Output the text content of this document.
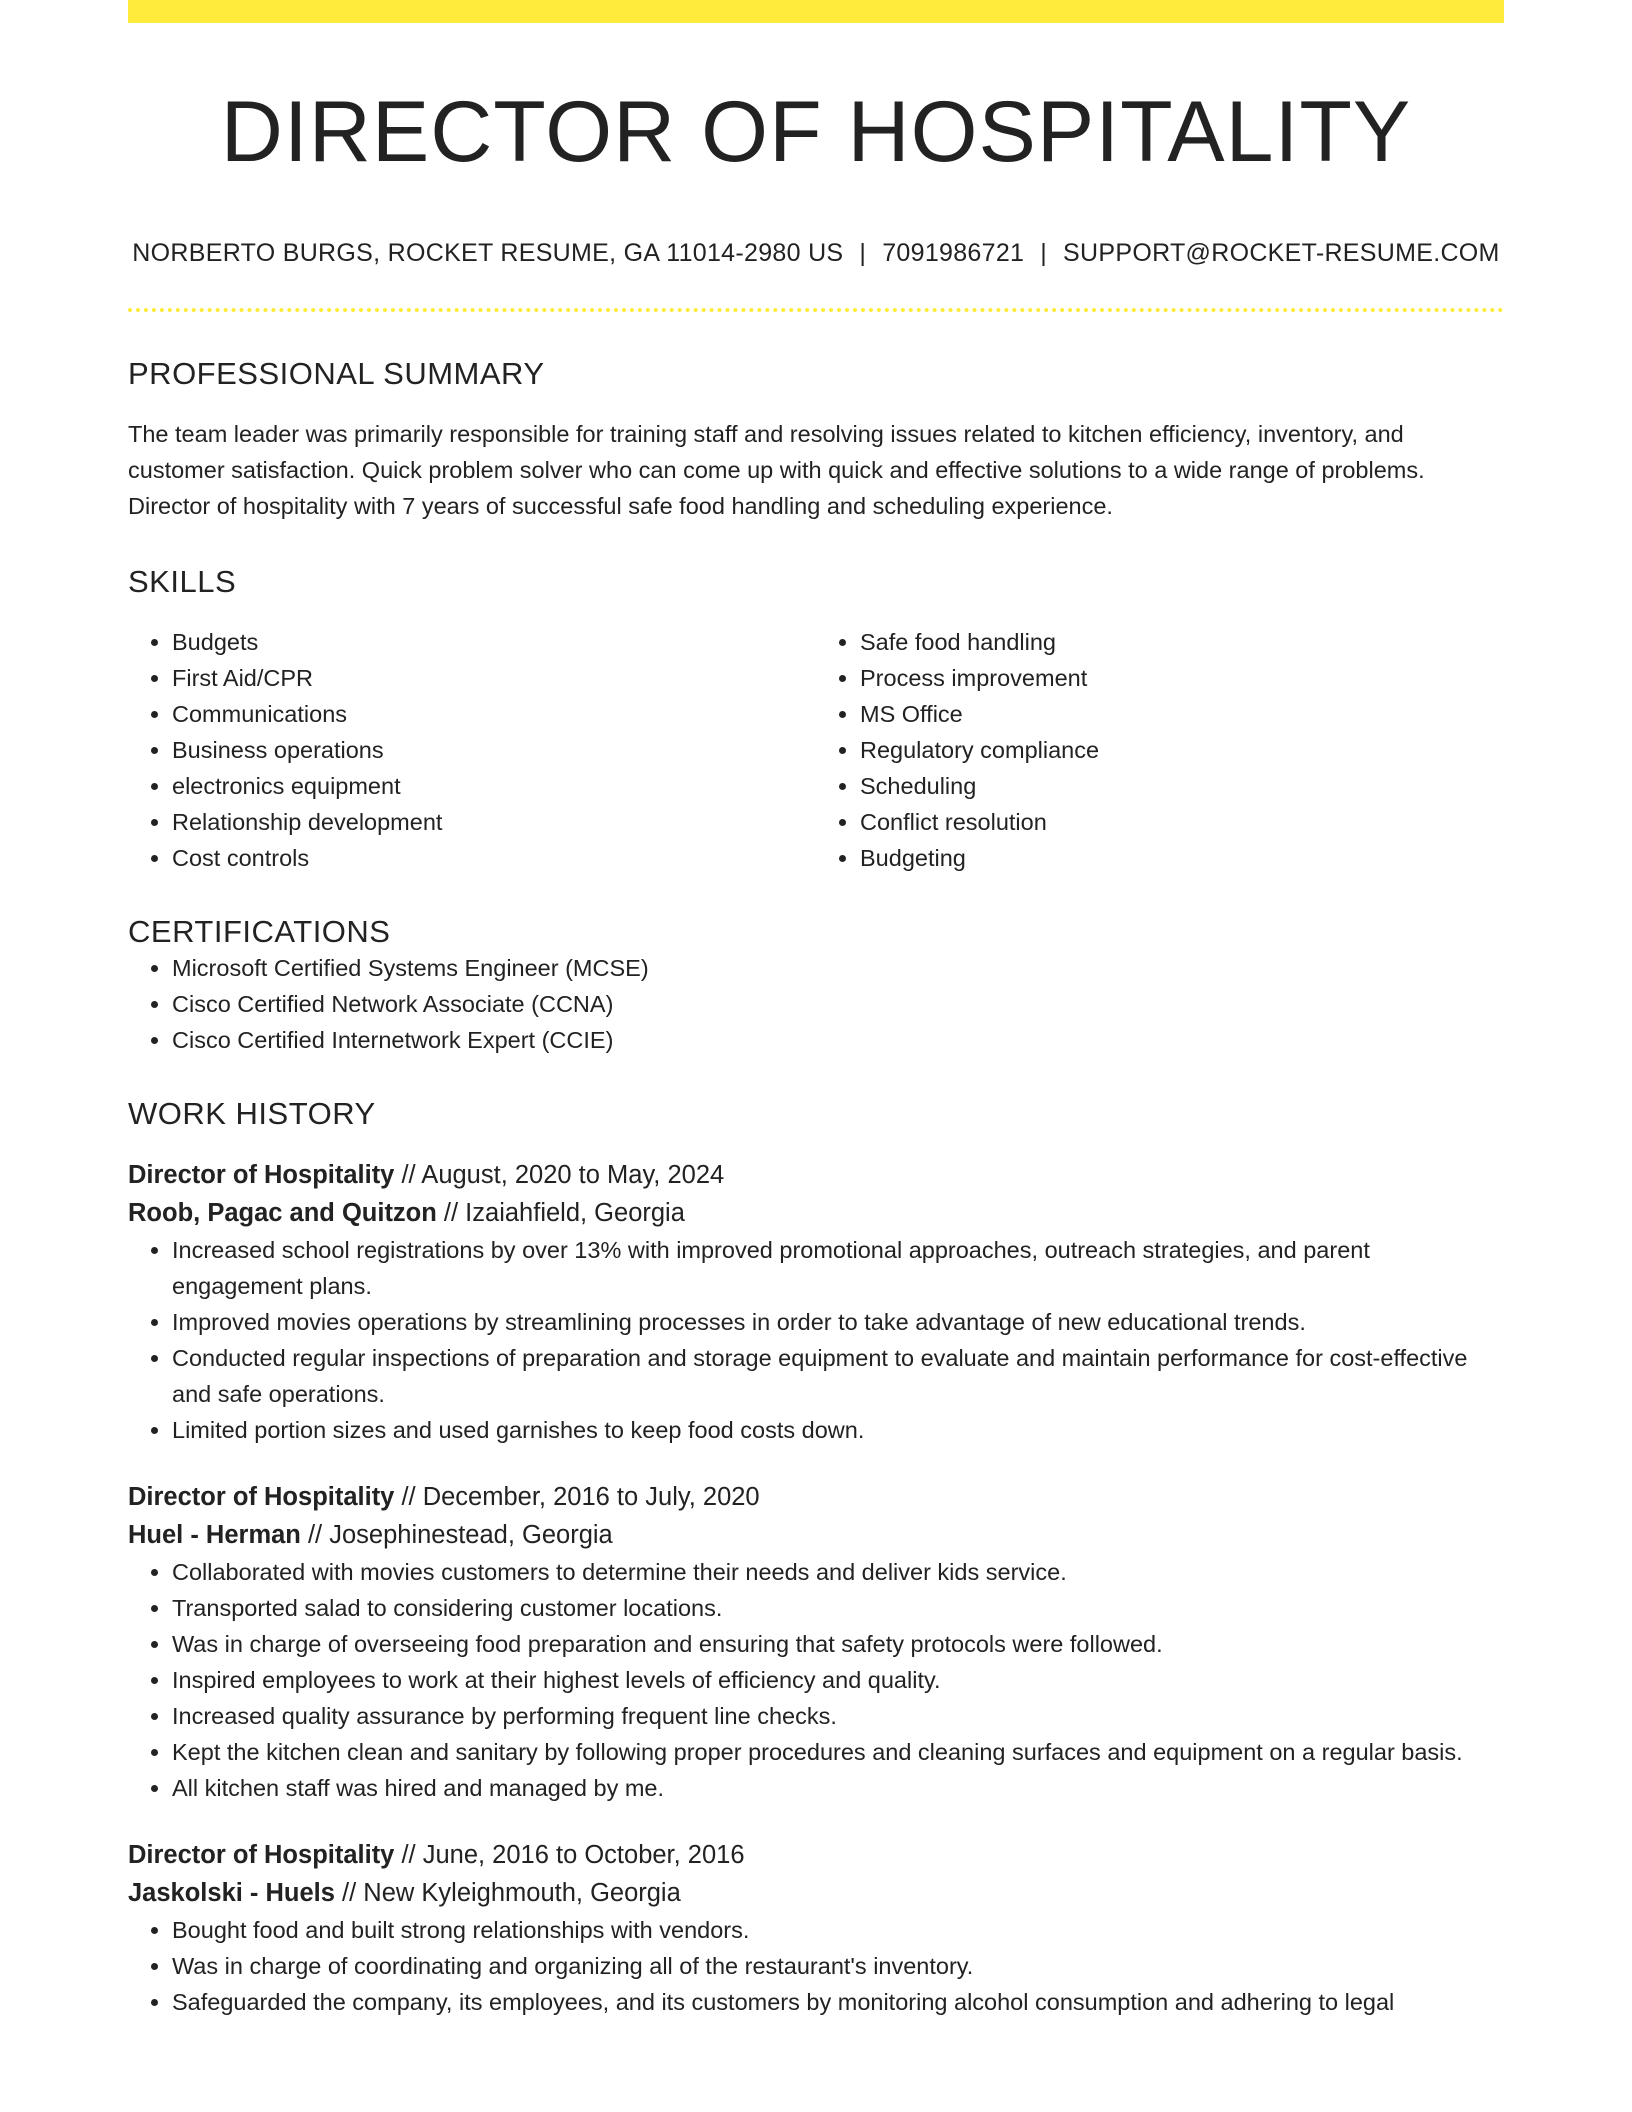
DIRECTOR OF HOSPITALITY
NORBERTO BURGS, ROCKET RESUME, GA 11014-2980 US | 7091986721 | SUPPORT@ROCKET-RESUME.COM
PROFESSIONAL SUMMARY

The team leader was primarily responsible for training staff and resolving issues related to kitchen efficiency, inventory, and customer satisfaction. Quick problem solver who can come up with quick and effective solutions to a wide range of problems. Director of hospitality with 7 years of successful safe food handling and scheduling experience.

SKILLS
• Budgets
• First Aid/CPR
• Communications
• Business operations
• electronics equipment
• Relationship development
• Cost controls
• Safe food handling
• Process improvement
• MS Office
• Regulatory compliance
• Scheduling
• Conflict resolution
• Budgeting
CERTIFICATIONS
• Microsoft Certified Systems Engineer (MCSE)
• Cisco Certified Network Associate (CCNA)
• Cisco Certified Internetwork Expert (CCIE)
WORK HISTORY
Director of Hospitality // August, 2020 to May, 2024
Roob, Pagac and Quitzon // Izaiahfield, Georgia
• Increased school registrations by over 13% with improved promotional approaches, outreach strategies, and parent engagement plans.
• Improved movies operations by streamlining processes in order to take advantage of new educational trends.
• Conducted regular inspections of preparation and storage equipment to evaluate and maintain performance for cost-effective and safe operations.
• Limited portion sizes and used garnishes to keep food costs down.
Director of Hospitality // December, 2016 to July, 2020
Huel - Herman // Josephinestead, Georgia
• Collaborated with movies customers to determine their needs and deliver kids service.
• Transported salad to considering customer locations.
• Was in charge of overseeing food preparation and ensuring that safety protocols were followed.
• Inspired employees to work at their highest levels of efficiency and quality.
• Increased quality assurance by performing frequent line checks.
• Kept the kitchen clean and sanitary by following proper procedures and cleaning surfaces and equipment on a regular basis.
• All kitchen staff was hired and managed by me.
Director of Hospitality // June, 2016 to October, 2016
Jaskolski - Huels // New Kyleighmouth, Georgia
• Bought food and built strong relationships with vendors.
• Was in charge of coordinating and organizing all of the restaurant's inventory.
• Safeguarded the company, its employees, and its customers by monitoring alcohol consumption and adhering to legal
